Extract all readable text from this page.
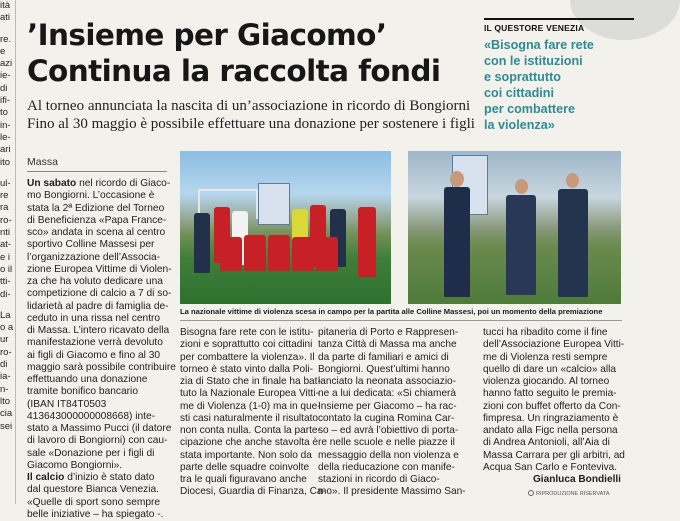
ità
ati
re.
e
azi
ie-
di
ifi-
to
in-
le-
ari
ito
ul-
re
ra
ro-
nti
at-
e i
o il
tti-
di-
La
o a
ur
ro-
di
ia-
n-
lto
cia
sei
’Insieme per Giacomo’
Continua la raccolta fondi
Al torneo annunciata la nascita di un’associazione in ricordo di Bongiorni
Fino al 30 maggio è possibile effettuare una donazione per sostenere i figli
IL QUESTORE VENEZIA
«Bisogna fare rete
con le istituzioni
e soprattutto
coi cittadini
per combattere
la violenza»
Massa
Un sabato nel ricordo di Giaco-
mo Bongiorni. L’occasione è
stata la 2ª Edizione del Torneo
di Beneficienza «Papa France-
sco» andata in scena al centro
sportivo Colline Massesi per
l’organizzazione dell’Associa-
zione Europea Vittime di Violen-
za che ha voluto dedicare una
competizione di calcio a 7 di so-
lidarietà al padre di famiglia de-
ceduto in una rissa nel centro
di Massa. L’intero ricavato della
manifestazione verrà devoluto
ai figli di Giacomo e fino al 30
maggio sarà possibile contribuire
effettuando una donazione
tramite bonifico bancario
(IBAN IT84T0503
413643000000008668) inte-
stato a Massimo Pucci (il datore
di lavoro di Bongiorni) con cau-
sale «Donazione per i figli di
Giacomo Bongiorni».
Il calcio d’inizio è stato dato
dal questore Bianca Venezia.
«Quelle di sport sono sempre
belle iniziative – ha spiegato -.
La nazionale vittime di violenza scesa in campo per la partita alle Colline Massesi, poi un momento della premiazione
Bisogna fare rete con le istitu-
zioni e soprattutto coi cittadini
per combattere la violenza». Il
torneo è stato vinto dalla Poli-
zia di Stato che in finale ha bat-
tuto la Nazionale Europea Vitti-
me di Violenza (1-0) ma in que-
sti casi naturalmente il risultato
non conta nulla. Conta la parte-
cipazione che anche stavolta è
stata importante. Non solo da
parte delle squadre coinvolte
tra le quali figuravano anche
Diocesi, Guardia di Finanza, Ca-
pitaneria di Porto e Rappresen-
tanza Città di Massa ma anche
da parte di familiari e amici di
Bongiorni. Quest’ultimi hanno
lanciato la neonata associazio-
ne a lui dedicata: «Si chiamerà
Insieme per Giacomo – ha rac-
contato la cugina Romina Car-
so – ed avrà l’obiettivo di porta-
re nelle scuole e nelle piazze il
messaggio della non violenza e
della rieducazione con manife-
stazioni in ricordo di Giaco-
mo». Il presidente Massimo San-
tucci ha ribadito come il fine
dell’Associazione Europea Vitti-
me di Violenza resti sempre
quello di dare un «calcio» alla
violenza giocando. Al torneo
hanno fatto seguito le premia-
zioni con buffet offerto da Con-
fimpresa. Un ringraziamento è
andato alla Figc nella persona
di Andrea Antonioli, all’Aia di
Massa Carrara per gli arbitri, ad
Acqua San Carlo e Fonteviva.
Gianluca Bondielli
RIPRODUZIONE RISERVATA
